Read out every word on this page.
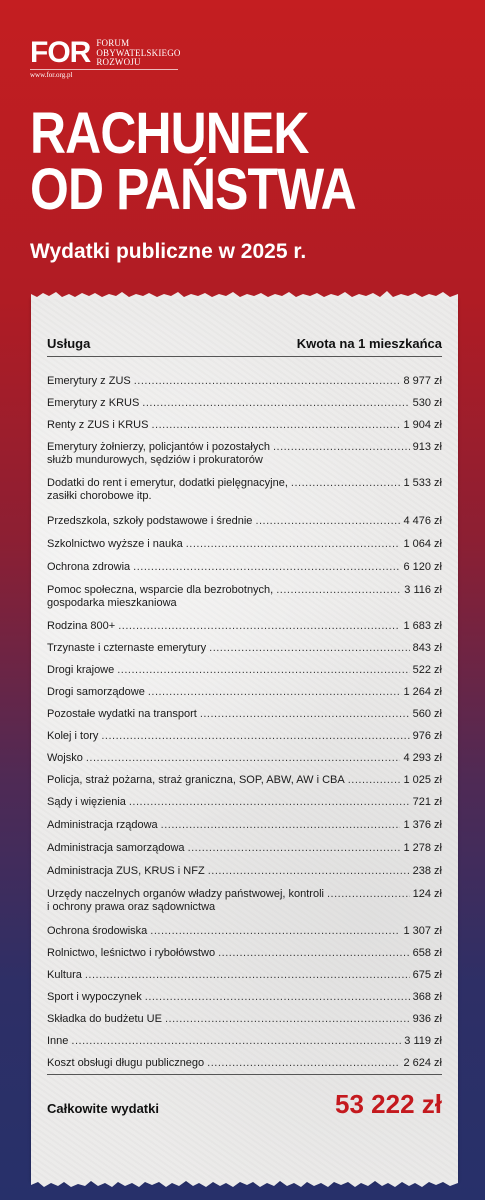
FOR FORUM
OBYWATELSKIEGO
ROZWOJU
www.for.org.pl
RACHUNEK
OD PAŃSTWA
Wydatki publiczne w 2025 r.
Usługa	Kwota na 1 mieszkańca
Emerytury z ZUS .....	8 977 zł
Emerytury z KRUS .....	530 zł
Renty z ZUS i KRUS .....	1 904 zł
Emerytury żołnierzy, policjantów i pozostałych .....	913 zł
służb mundurowych, sędziów i prokuratorów
Dodatki do rent i emerytur, dodatki pielęgnacyjne, .....	1 533 zł
zasiłki chorobowe itp.
Przedszkola, szkoły podstawowe i średnie .....	4 476 zł
Szkolnictwo wyższe i nauka .....	1 064 zł
Ochrona zdrowia .....	6 120 zł
Pomoc społeczna, wsparcie dla bezrobotnych, .....	3 116 zł
gospodarka mieszkaniowa
Rodzina 800+ .....	1 683 zł
Trzynaste i czternaste emerytury .....	843 zł
Drogi krajowe .....	522 zł
Drogi samorządowe .....	1 264 zł
Pozostałe wydatki na transport .....	560 zł
Kolej i tory .....	976 zł
Wojsko .....	4 293 zł
Policja, straż pożarna, straż graniczna, SOP, ABW, AW i CBA .....	1 025 zł
Sądy i więzienia .....	721 zł
Administracja rządowa .....	1 376 zł
Administracja samorządowa .....	1 278 zł
Administracja ZUS, KRUS i NFZ .....	238 zł
Urzędy naczelnych organów władzy państwowej, kontroli .....	124 zł
i ochrony prawa oraz sądownictwa
Ochrona środowiska .....	1 307 zł
Rolnictwo, leśnictwo i rybołówstwo .....	658 zł
Kultura .....	675 zł
Sport i wypoczynek .....	368 zł
Składka do budżetu UE .....	936 zł
Inne .....	3 119 zł
Koszt obsługi długu publicznego .....	2 624 zł
Całkowite wydatki	53 222 zł
